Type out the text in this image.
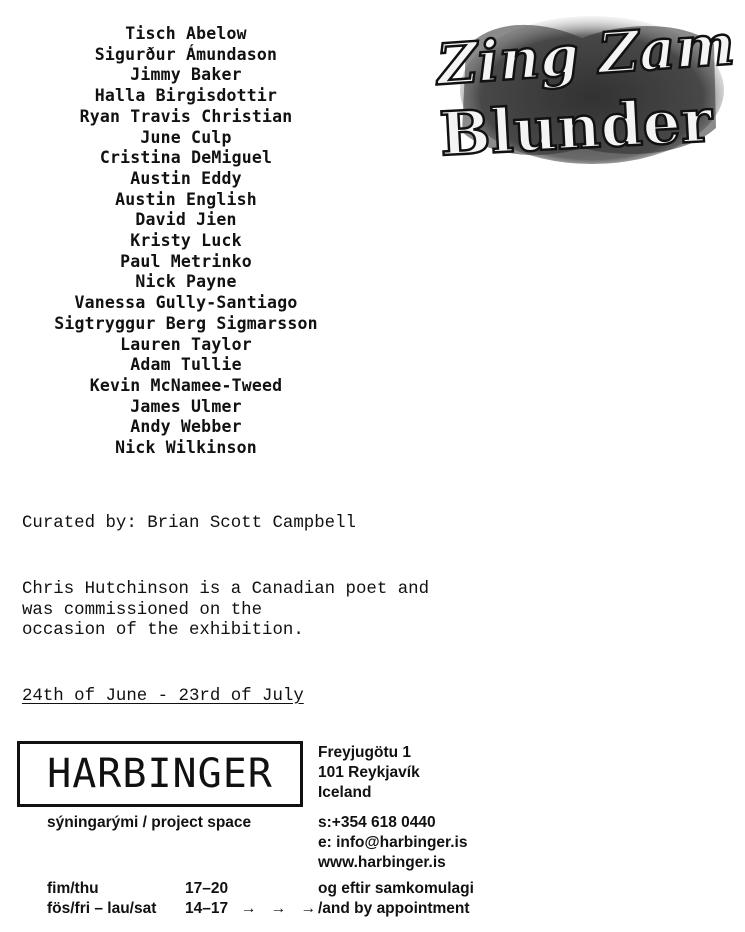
Tisch Abelow
Sigurður Ámundason
Jimmy Baker
Halla Birgisdottir
Ryan Travis Christian
June Culp
Cristina DeMiguel
Austin Eddy
Austin English
David Jien
Kristy Luck
Paul Metrinko
Nick Payne
Vanessa Gully-Santiago
Sigtryggur Berg Sigmarsson
Lauren Taylor
Adam Tullie
Kevin McNamee-Tweed
James Ulmer
Andy Webber
Nick Wilkinson
Zing Zam
Blunder

Curated by: Brian Scott Campbell

Chris Hutchinson is a Canadian poet and
was commissioned on the
occasion of the exhibition.

24th of June - 23rd of July

HARBINGER	Freyjugötu 1
101 Reykjavík
Iceland

sýningarými / project space	s:+354 618 0440
e: info@harbinger.is
www.harbinger.is
fim/thu	17–20
fös/fri – lau/sat	14–17 → → →
og eftir samkomulagi
/and by appointment
